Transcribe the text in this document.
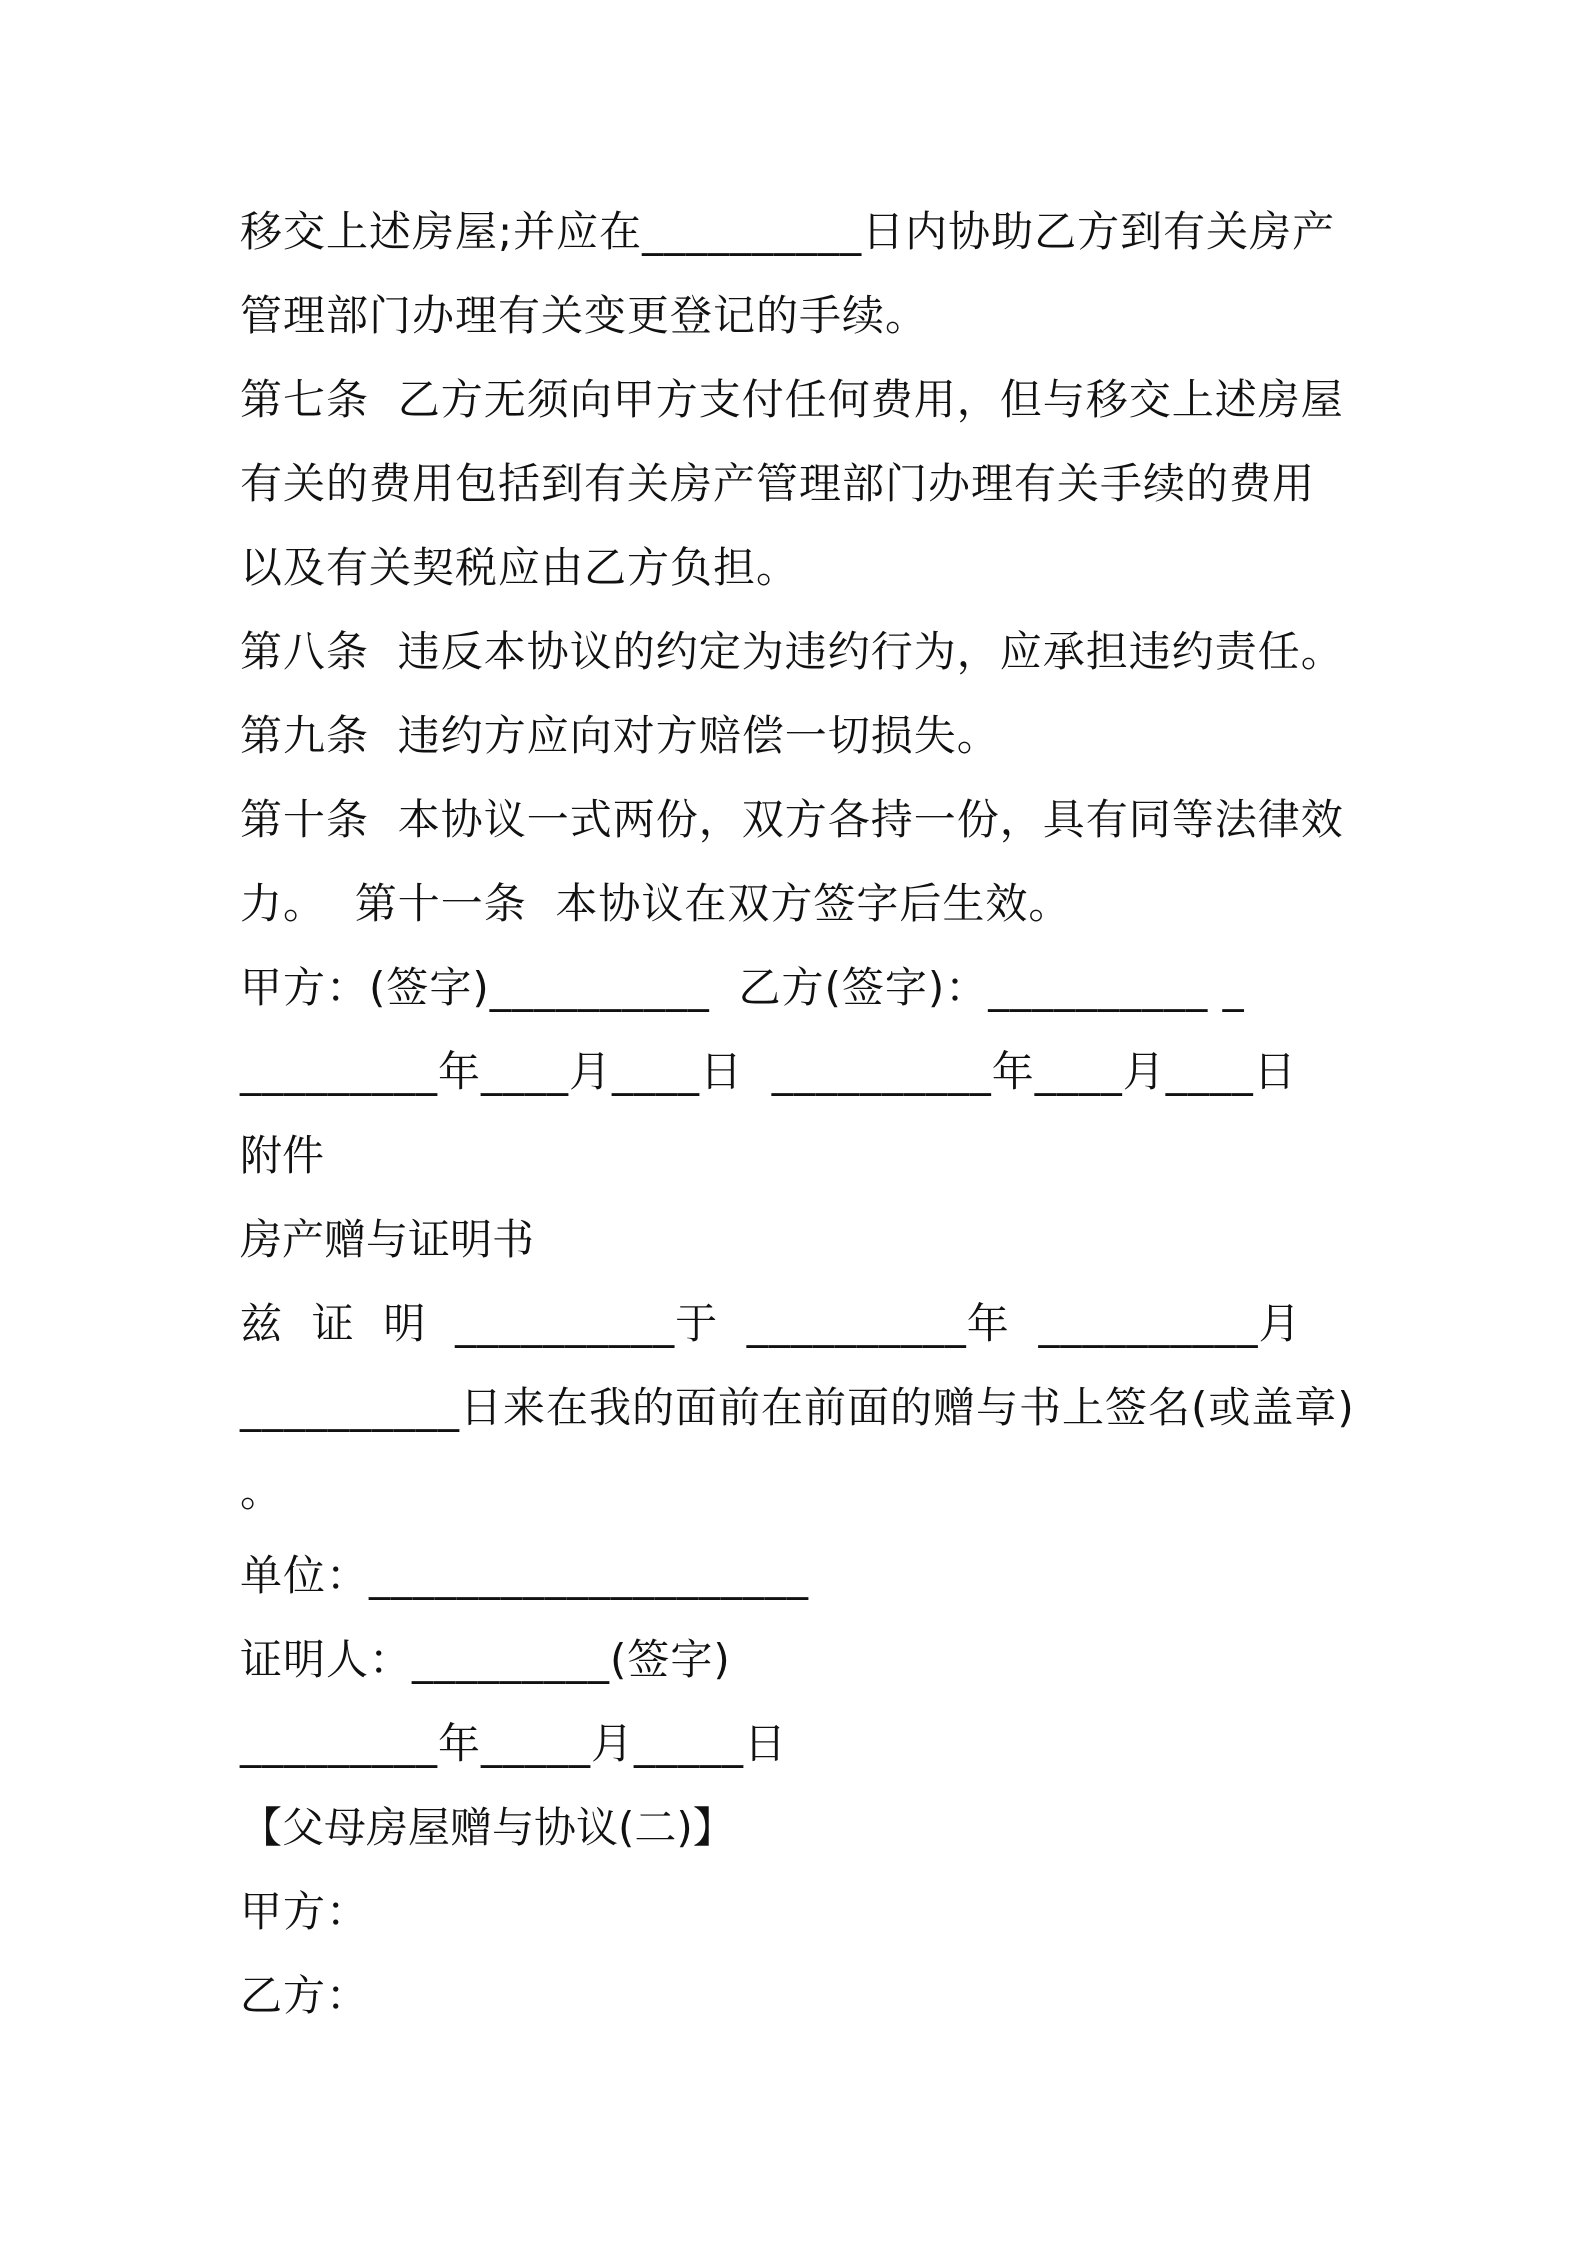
移交上述房屋;并应在__________日内协助乙方到有关房产
管理部门办理有关变更登记的手续。
第七条  乙方无须向甲方支付任何费用，但与移交上述房屋
有关的费用包括到有关房产管理部门办理有关手续的费用
以及有关契税应由乙方负担。
第八条  违反本协议的约定为违约行为，应承担违约责任。
第九条  违约方应向对方赔偿一切损失。
第十条  本协议一式两份，双方各持一份，具有同等法律效
力。  第十一条  本协议在双方签字后生效。
甲方：(签字)__________  乙方(签字)：__________ _
_________年____月____日  __________年____月____日
附件
房产赠与证明书
兹  证  明  __________于  __________年  __________月
__________日来在我的面前在前面的赠与书上签名(或盖章)
。
单位：____________________
证明人：_________(签字)
_________年_____月_____日
【父母房屋赠与协议(二)】
甲方：
乙方：
